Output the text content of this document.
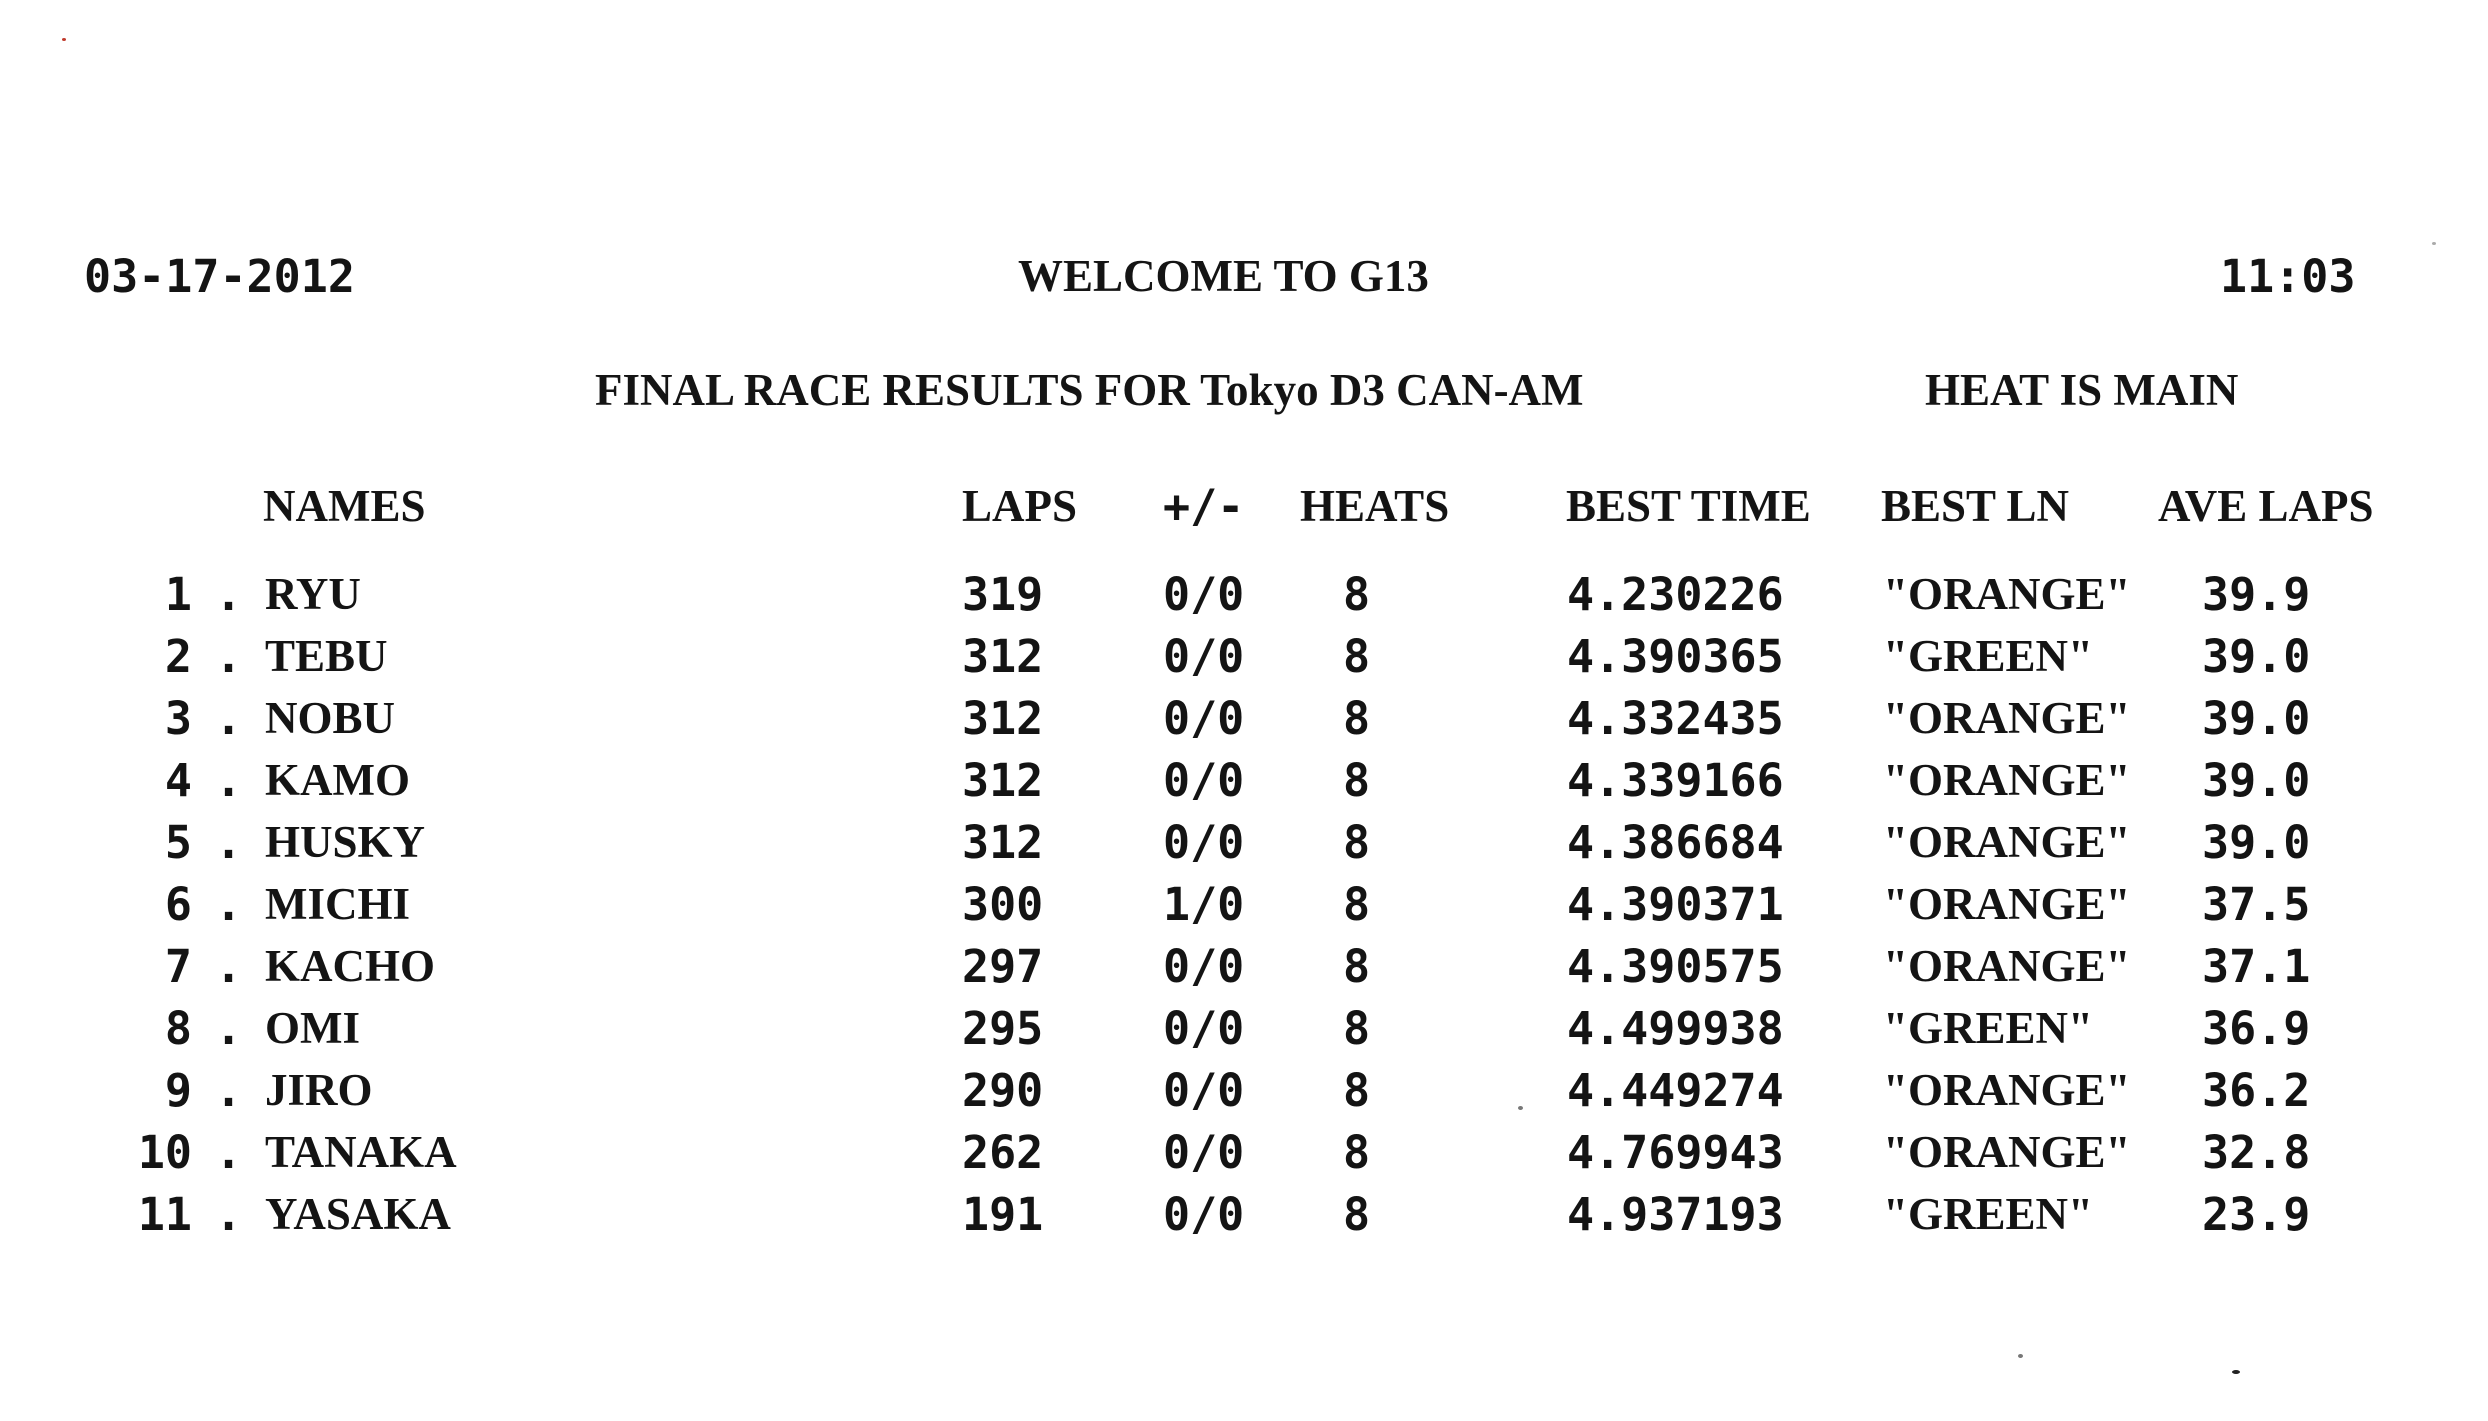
03-17-2012	WELCOME TO G13	11:03
FINAL RACE RESULTS FOR Tokyo D3 CAN-AM	HEAT IS MAIN
NAMES	LAPS +/- HEATS	BEST TIME BEST LN AVE LAPS
1 . RYU	319	0/0 8	4.230226 "ORANGE" 39.9
2 . TEBU	312	0/0 8	4.390365 "GREEN" 39.0
3 . NOBU	312	0/0 8	4.332435 "ORANGE" 39.0
4 . KAMO	312	0/0 8	4.339166 "ORANGE" 39.0
5 . HUSKY	312	0/0 8	4.386684 "ORANGE" 39.0
6 . MICHI	300	1/0 8	4.390371 "ORANGE" 37.5
7 . KACHO	297	0/0 8	4.390575 "ORANGE" 37.1
8 . OMI	295	0/0 8	4.499938 "GREEN" 36.9
9 . JIRO	290	0/0 8	4.449274 "ORANGE" 36.2
10 . TANAKA	262	0/0 8	4.769943 "ORANGE" 32.8
11 . YASAKA	191	0/0 8	4.937193 "GREEN" 23.9
